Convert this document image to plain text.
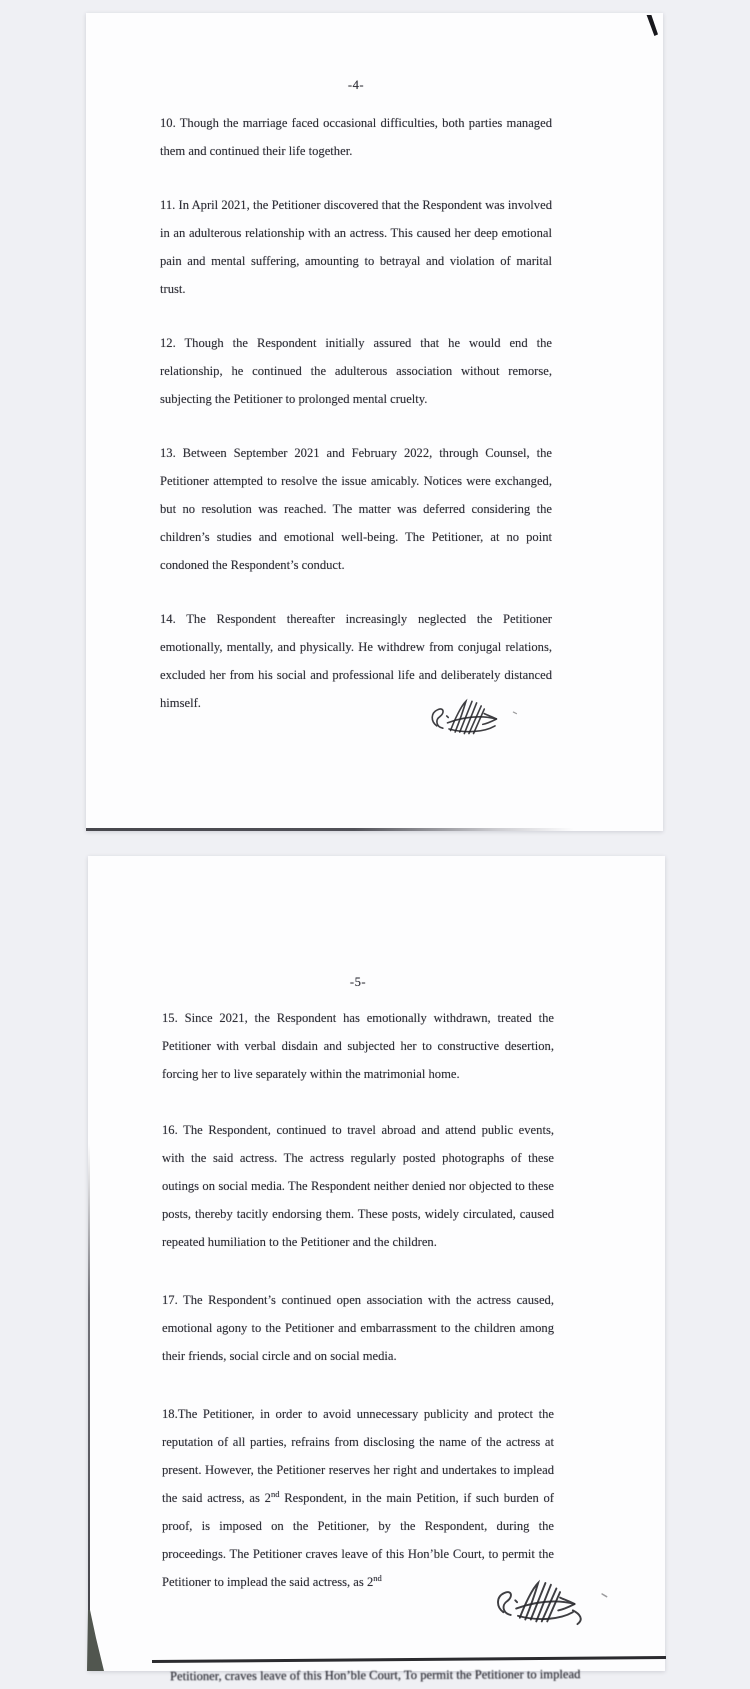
-4-

10. Though the marriage faced occasional difficulties, both parties managed them and continued their life together.

11. In April 2021, the Petitioner discovered that the Respondent was involved in an adulterous relationship with an actress. This caused her deep emotional pain and mental suffering, amounting to betrayal and violation of marital trust.

12. Though the Respondent initially assured that he would end the relationship, he continued the adulterous association without remorse, subjecting the Petitioner to prolonged mental cruelty.

13. Between September 2021 and February 2022, through Counsel, the Petitioner attempted to resolve the issue amicably. Notices were exchanged, but no resolution was reached. The matter was deferred considering the children’s studies and emotional well-being. The Petitioner, at no point condoned the Respondent’s conduct.

14. The Respondent thereafter increasingly neglected the Petitioner emotionally, mentally, and physically. He withdrew from conjugal relations, excluded her from his social and professional life and deliberately distanced himself.

-5-

15. Since 2021, the Respondent has emotionally withdrawn, treated the Petitioner with verbal disdain and subjected her to constructive desertion, forcing her to live separately within the matrimonial home.

16. The Respondent, continued to travel abroad and attend public events, with the said actress. The actress regularly posted photographs of these outings on social media. The Respondent neither denied nor objected to these posts, thereby tacitly endorsing them. These posts, widely circulated, caused repeated humiliation to the Petitioner and the children.

17. The Respondent’s continued open association with the actress caused, emotional agony to the Petitioner and embarrassment to the children among their friends, social circle and on social media.

18.The Petitioner, in order to avoid unnecessary publicity and protect the reputation of all parties, refrains from disclosing the name of the actress at present. However, the Petitioner reserves her right and undertakes to implead the said actress, as 2nd Respondent, in the main Petition, if such burden of proof, is imposed on the Petitioner, by the Respondent, during the proceedings. The Petitioner craves leave of this Hon’ble Court, to permit the Petitioner to implead the said actress, as 2nd

Petitioner, craves leave of this Hon’ble Court, To permit the Petitioner to implead
